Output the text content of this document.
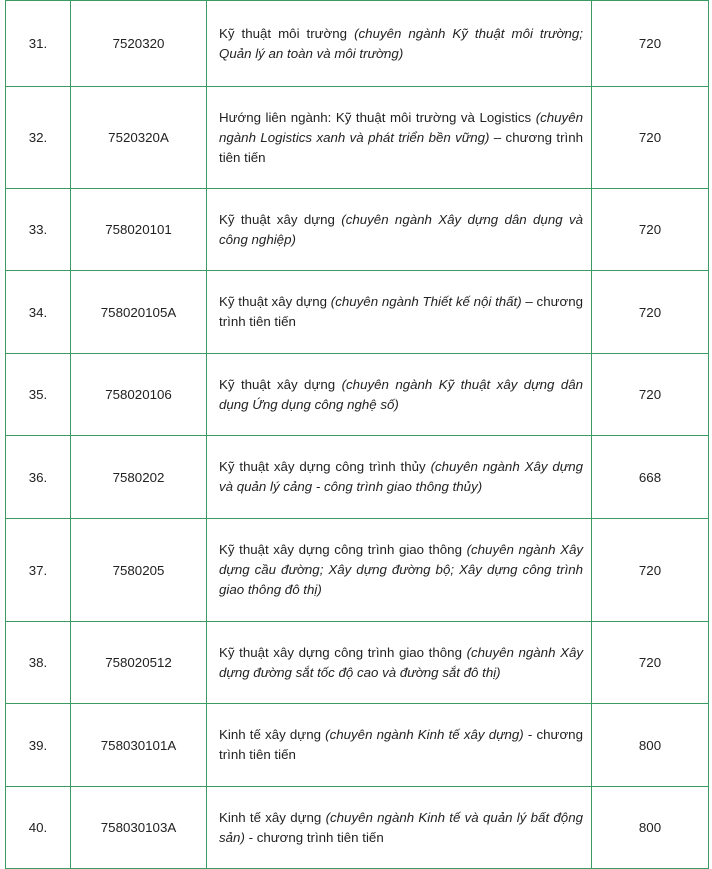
31.	7520320	Kỹ thuật môi trường (chuyên ngành Kỹ thuật môi trường; Quản lý an toàn và môi trường)	720
32.	7520320A	Hướng liên ngành: Kỹ thuật môi trường và Logistics (chuyên ngành Logistics xanh và phát triển bền vững) – chương trình tiên tiến	720
33.	758020101	Kỹ thuật xây dựng (chuyên ngành Xây dựng dân dụng và công nghiệp)	720
34.	758020105A	Kỹ thuật xây dựng (chuyên ngành Thiết kế nội thất) – chương trình tiên tiến	720
35.	758020106	Kỹ thuật xây dựng (chuyên ngành Kỹ thuật xây dựng dân dụng Ứng dụng công nghệ số)	720
36.	7580202	Kỹ thuật xây dựng công trình thủy (chuyên ngành Xây dựng và quản lý cảng - công trình giao thông thủy)	668
37.	7580205	Kỹ thuật xây dựng công trình giao thông (chuyên ngành Xây dựng cầu đường; Xây dựng đường bộ; Xây dựng công trình giao thông đô thị)	720
38.	758020512	Kỹ thuật xây dựng công trình giao thông (chuyên ngành Xây dựng đường sắt tốc độ cao và đường sắt đô thị)	720
39.	758030101A	Kinh tế xây dựng (chuyên ngành Kinh tế xây dựng) - chương trình tiên tiến	800
40.	758030103A	Kinh tế xây dựng (chuyên ngành Kinh tế và quản lý bất động sản) - chương trình tiên tiến	800
